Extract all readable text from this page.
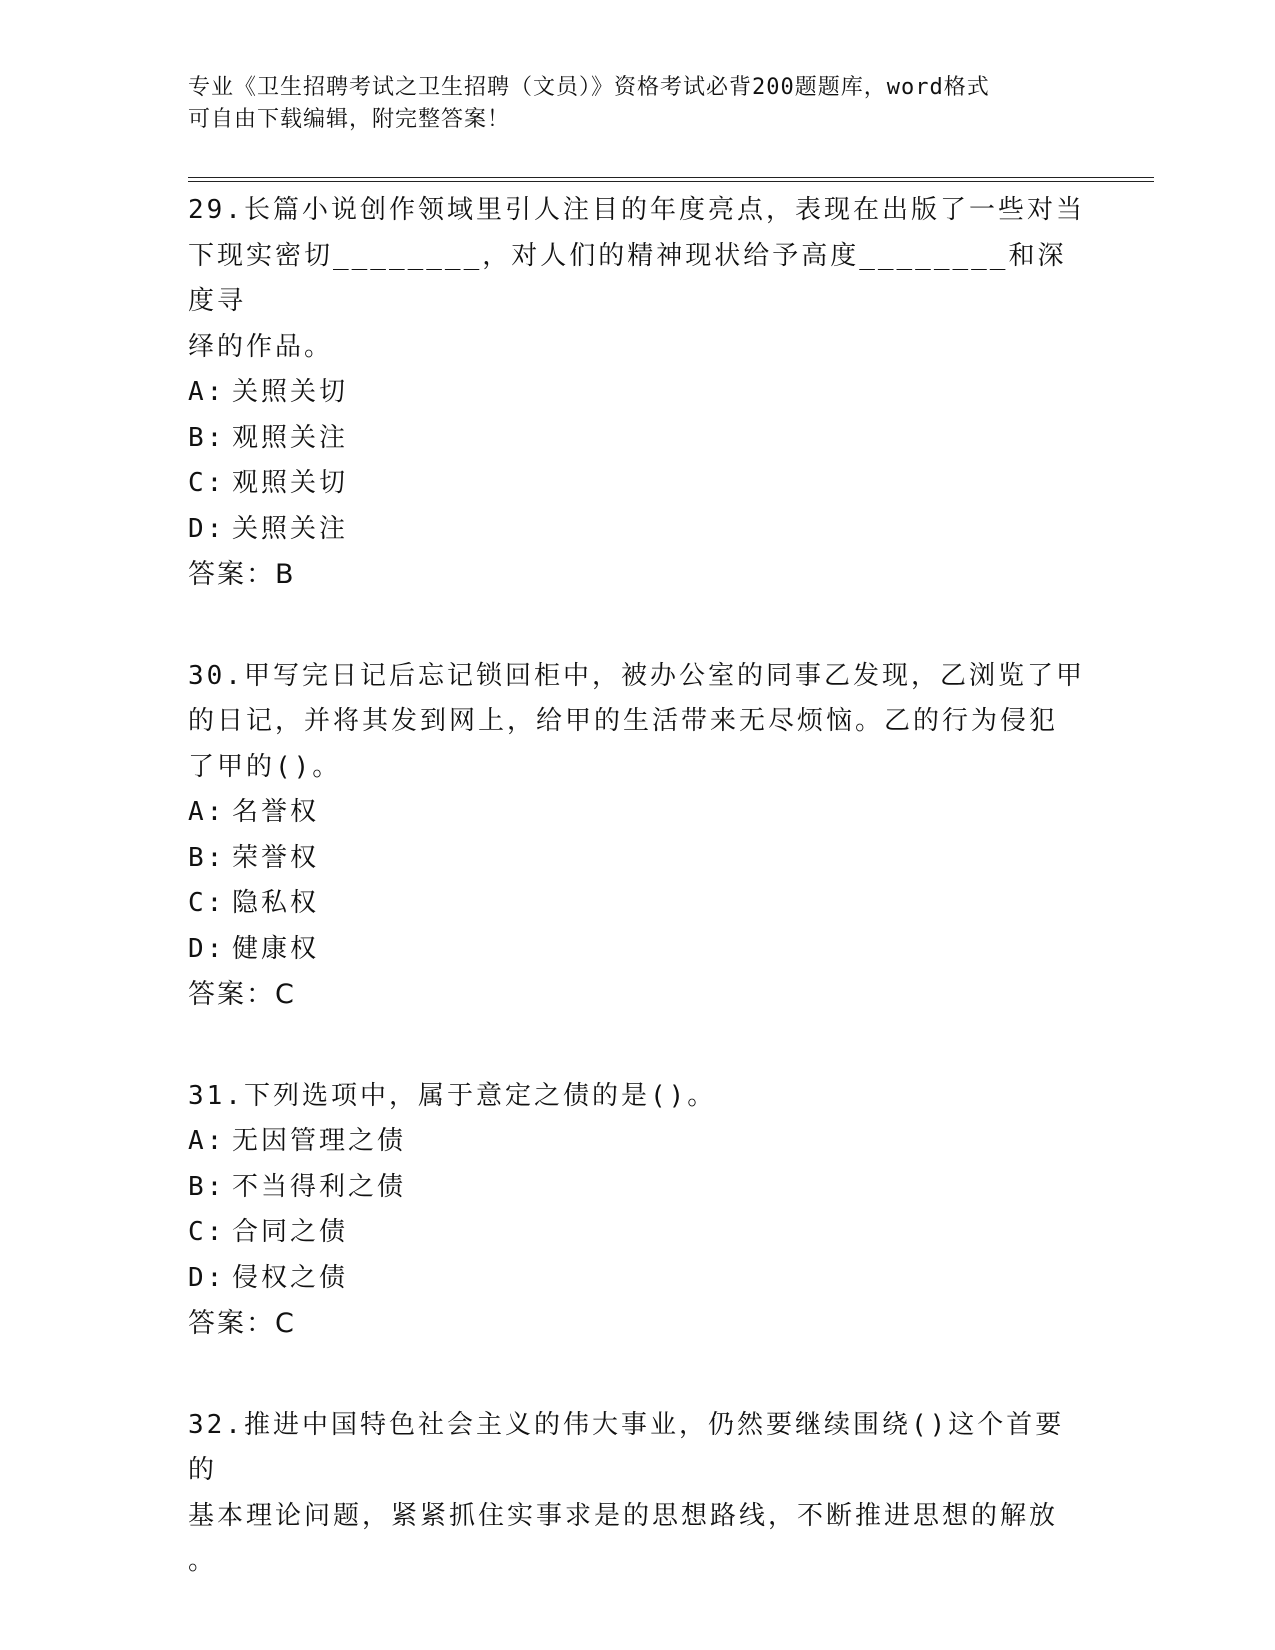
专业《卫生招聘考试之卫生招聘（文员）》资格考试必背200题题库，word格式
可自由下载编辑，附完整答案！

29.长篇小说创作领域里引人注目的年度亮点，表现在出版了一些对当

下现实密切________，对人们的精神现状给予高度________和深度寻

绎的作品。

A: 关照关切

B: 观照关注

C: 观照关切

D: 关照关注

答案：B

30.甲写完日记后忘记锁回柜中，被办公室的同事乙发现，乙浏览了甲

的日记，并将其发到网上，给甲的生活带来无尽烦恼。乙的行为侵犯

了甲的()。

A: 名誉权

B: 荣誉权

C: 隐私权

D: 健康权

答案：C

31.下列选项中，属于意定之债的是()。

A: 无因管理之债

B: 不当得利之债

C: 合同之债

D: 侵权之债

答案：C

32.推进中国特色社会主义的伟大事业，仍然要继续围绕()这个首要的

基本理论问题，紧紧抓住实事求是的思想路线，不断推进思想的解放

。
